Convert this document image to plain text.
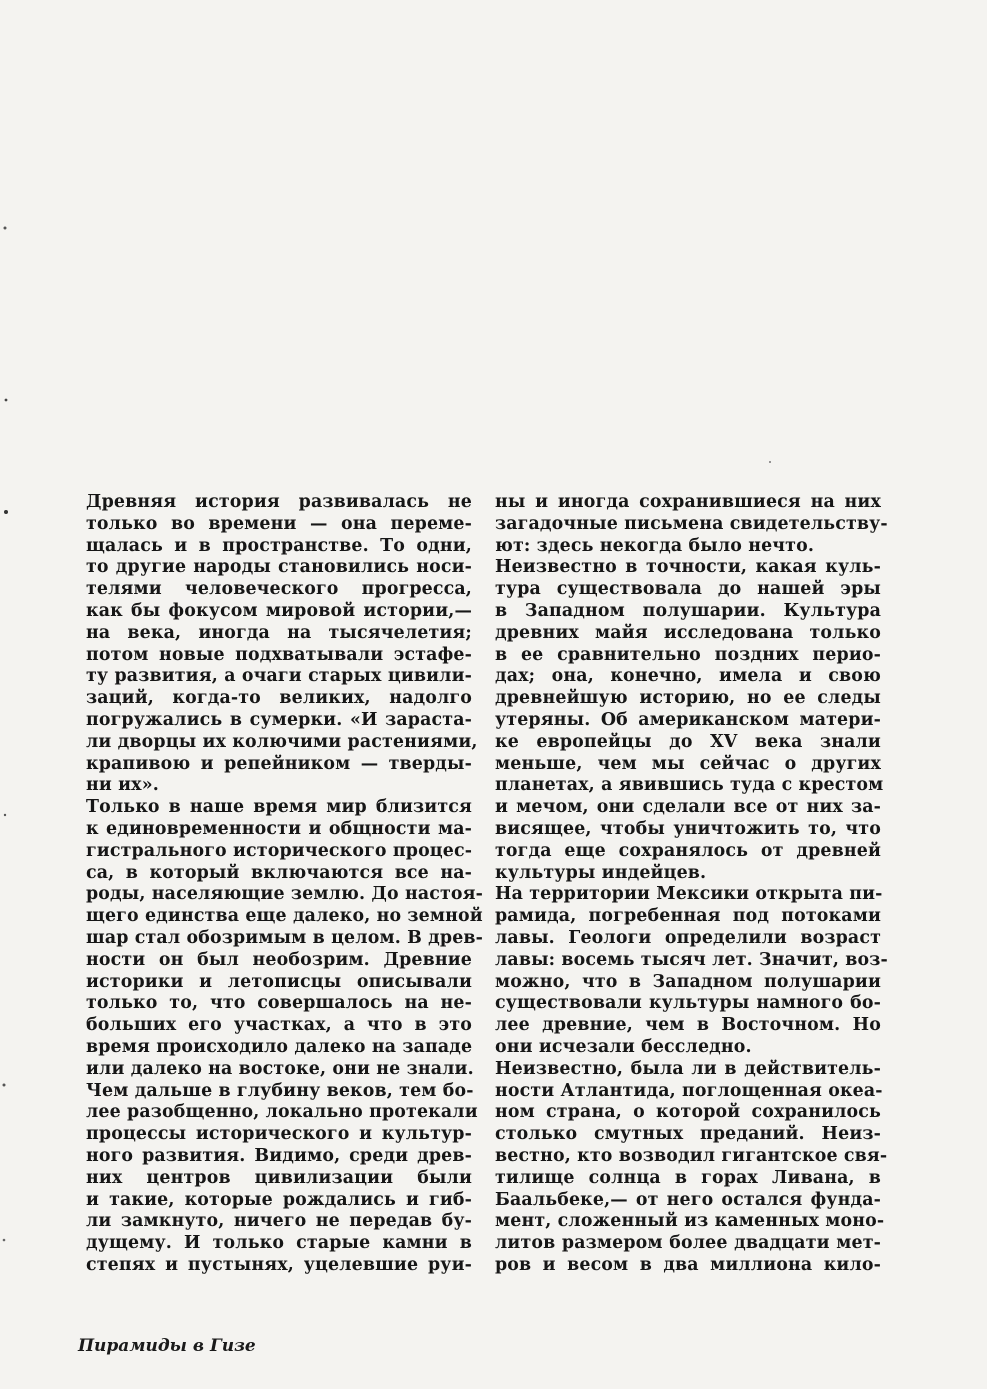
Древняя история развивалась не
только во времени — она переме-
щалась и в пространстве. То одни,
то другие народы становились носи-
телями человеческого прогресса,
как бы фокусом мировой истории,—
на века, иногда на тысячелетия;
потом новые подхватывали эстафе-
ту развития, а очаги старых цивили-
заций, когда-то великих, надолго
погружались в сумерки. «И зараста-
ли дворцы их колючими растениями,
крапивою и репейником — тверды-
ни их».
Только в наше время мир близится
к единовременности и общности ма-
гистрального исторического процес-
са, в который включаются все на-
роды, населяющие землю. До настоя-
щего единства еще далеко, но земной
шар стал обозримым в целом. В древ-
ности он был необозрим. Древние
историки и летописцы описывали
только то, что совершалось на не-
больших его участках, а что в это
время происходило далеко на западе
или далеко на востоке, они не знали.
Чем дальше в глубину веков, тем бо-
лее разобщенно, локально протекали
процессы исторического и культур-
ного развития. Видимо, среди древ-
них центров цивилизации были
и такие, которые рождались и гиб-
ли замкнуто, ничего не передав бу-
дущему. И только старые камни в
степях и пустынях, уцелевшие руи-
ны и иногда сохранившиеся на них
загадочные письмена свидетельству-
ют: здесь некогда было нечто.
Неизвестно в точности, какая куль-
тура существовала до нашей эры
в Западном полушарии. Культура
древних майя исследована только
в ее сравнительно поздних перио-
дах; она, конечно, имела и свою
древнейшую историю, но ее следы
утеряны. Об американском матери-
ке европейцы до XV века знали
меньше, чем мы сейчас о других
планетах, а явившись туда с крестом
и мечом, они сделали все от них за-
висящее, чтобы уничтожить то, что
тогда еще сохранялось от древней
культуры индейцев.
На территории Мексики открыта пи-
рамида, погребенная под потоками
лавы. Геологи определили возраст
лавы: восемь тысяч лет. Значит, воз-
можно, что в Западном полушарии
существовали культуры намного бо-
лее древние, чем в Восточном. Но
они исчезали бесследно.
Неизвестно, была ли в действитель-
ности Атлантида, поглощенная океа-
ном страна, о которой сохранилось
столько смутных преданий. Неиз-
вестно, кто возводил гигантское свя-
тилище солнца в горах Ливана, в
Баальбеке,— от него остался фунда-
мент, сложенный из каменных моно-
литов размером более двадцати мет-
ров и весом в два миллиона кило-
Пирамиды в Гизе
